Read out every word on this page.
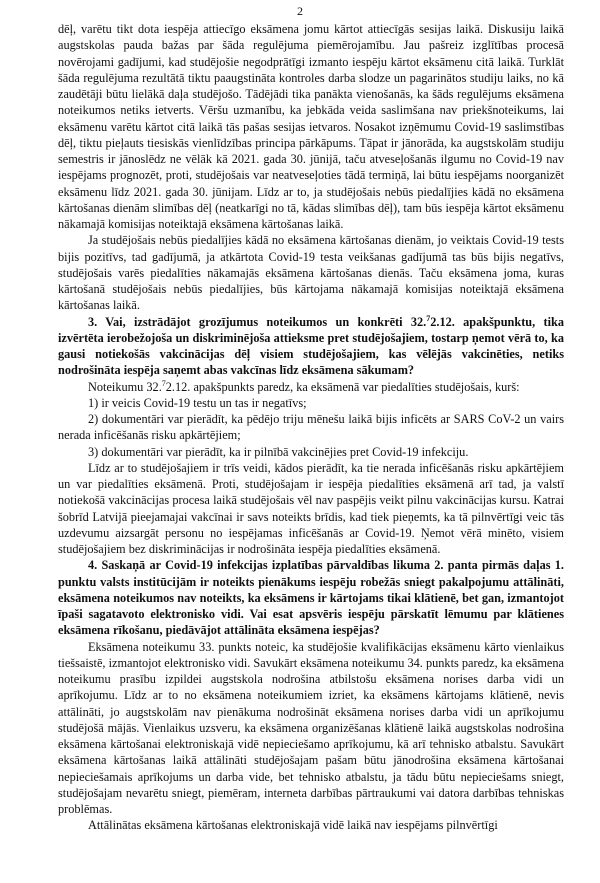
2

dēļ, varētu tikt dota iespēja attiecīgo eksāmena jomu kārtot attiecīgās sesijas laikā. Diskusiju laikā augstskolas pauda bažas par šāda regulējuma piemērojamību. Jau pašreiz izglītības procesā novērojami gadījumi, kad studējošie negodprātīgi izmanto iespēju kārtot eksāmenu citā laikā. Turklāt šāda regulējuma rezultātā tiktu paaugstināta kontroles darba slodze un pagarinātos studiju laiks, no kā zaudētāji būtu lielākā daļa studējošo. Tādējādi tika panākta vienošanās, ka šāds regulējums eksāmena noteikumos netiks ietverts. Vēršu uzmanību, ka jebkāda veida saslimšana nav priekšnoteikums, lai eksāmenu varētu kārtot citā laikā tās pašas sesijas ietvaros. Nosakot izņēmumu Covid-19 saslimstības dēļ, tiktu pieļauts tiesiskās vienlīdzības principa pārkāpums. Tāpat ir jānorāda, ka augstskolām studiju semestris ir jānoslēdz ne vēlāk kā 2021. gada 30. jūnijā, taču atveseļošanās ilgumu no Covid-19 nav iespējams prognozēt, proti, studējošais var neatveseļoties tādā termiņā, lai būtu iespējams noorganizēt eksāmenu līdz 2021. gada 30. jūnijam. Līdz ar to, ja studējošais nebūs piedalījies kādā no eksāmena kārtošanas dienām slimības dēļ (neatkarīgi no tā, kādas slimības dēļ), tam būs iespēja kārtot eksāmenu nākamajā komisijas noteiktajā eksāmena kārtošanas laikā.

Ja studējošais nebūs piedalījies kādā no eksāmena kārtošanas dienām, jo veiktais Covid-19 tests bijis pozitīvs, tad gadījumā, ja atkārtota Covid-19 testa veikšanas gadījumā tas būs bijis negatīvs, studējošais varēs piedalīties nākamajās eksāmena kārtošanas dienās. Taču eksāmena joma, kuras kārtošanā studējošais nebūs piedalījies, būs kārtojama nākamajā komisijas noteiktajā eksāmena kārtošanas laikā.

3. Vai, izstrādājot grozījumus noteikumos un konkrēti 32.$^7$2.12. apakšpunktu, tika izvērtēta ierobežojoša un diskriminējoša attieksme pret studējošajiem, tostarp ņemot vērā to, ka gausi notiekošās vakcinācijas dēļ visiem studējošajiem, kas vēlējās vakcinēties, netiks nodrošināta iespēja saņemt abas vakcīnas līdz eksāmena sākumam?

Noteikumu 32.$^7$2.12. apakšpunkts paredz, ka eksāmenā var piedalīties studējošais, kurš:

1) ir veicis Covid-19 testu un tas ir negatīvs;

2) dokumentāri var pierādīt, ka pēdējo triju mēnešu laikā bijis inficēts ar SARS CoV-2 un vairs nerada inficēšanās risku apkārtējiem;

3) dokumentāri var pierādīt, ka ir pilnībā vakcinējies pret Covid-19 infekciju.

Līdz ar to studējošajiem ir trīs veidi, kādos pierādīt, ka tie nerada inficēšanās risku apkārtējiem un var piedalīties eksāmenā. Proti, studējošajam ir iespēja piedalīties eksāmenā arī tad, ja valstī notiekošā vakcinācijas procesa laikā studējošais vēl nav paspējis veikt pilnu vakcinācijas kursu. Katrai šobrīd Latvijā pieejamajai vakcīnai ir savs noteikts brīdis, kad tiek pieņemts, ka tā pilnvērtīgi veic tās uzdevumu aizsargāt personu no iespējamas inficēšanās ar Covid-19. Ņemot vērā minēto, visiem studējošajiem bez diskriminācijas ir nodrošināta iespēja piedalīties eksāmenā.

4. Saskaņā ar Covid-19 infekcijas izplatības pārvaldības likuma 2. panta pirmās daļas 1. punktu valsts institūcijām ir noteikts pienākums iespēju robežās sniegt pakalpojumu attālināti, eksāmena noteikumos nav noteikts, ka eksāmens ir kārtojams tikai klātienē, bet gan, izmantojot īpaši sagatavoto elektronisko vidi. Vai esat apsvēris iespēju pārskatīt lēmumu par klātienes eksāmena rīkošanu, piedāvājot attālināta eksāmena iespējas?

Eksāmena noteikumu 33. punkts noteic, ka studējošie kvalifikācijas eksāmenu kārto vienlaikus tiešsaistē, izmantojot elektronisko vidi. Savukārt eksāmena noteikumu 34. punkts paredz, ka eksāmena noteikumu prasību izpildei augstskola nodrošina atbilstošu eksāmena norises darba vidi un aprīkojumu. Līdz ar to no eksāmena noteikumiem izriet, ka eksāmens kārtojams klātienē, nevis attālināti, jo augstskolām nav pienākuma nodrošināt eksāmena norises darba vidi un aprīkojumu studējošā mājās. Vienlaikus uzsveru, ka eksāmena organizēšanas klātienē laikā augstskolas nodrošina eksāmena kārtošanai elektroniskajā vidē nepieciešamo aprīkojumu, kā arī tehnisko atbalstu. Savukārt eksāmena kārtošanas laikā attālināti studējošajam pašam būtu jānodrošina eksāmena kārtošanai nepieciešamais aprīkojums un darba vide, bet tehnisko atbalstu, ja tādu būtu nepieciešams sniegt, studējošajam nevarētu sniegt, piemēram, interneta darbības pārtraukumi vai datora darbības tehniskas problēmas.

Attālinātas eksāmena kārtošanas elektroniskajā vidē laikā nav iespējams pilnvērtīgi
